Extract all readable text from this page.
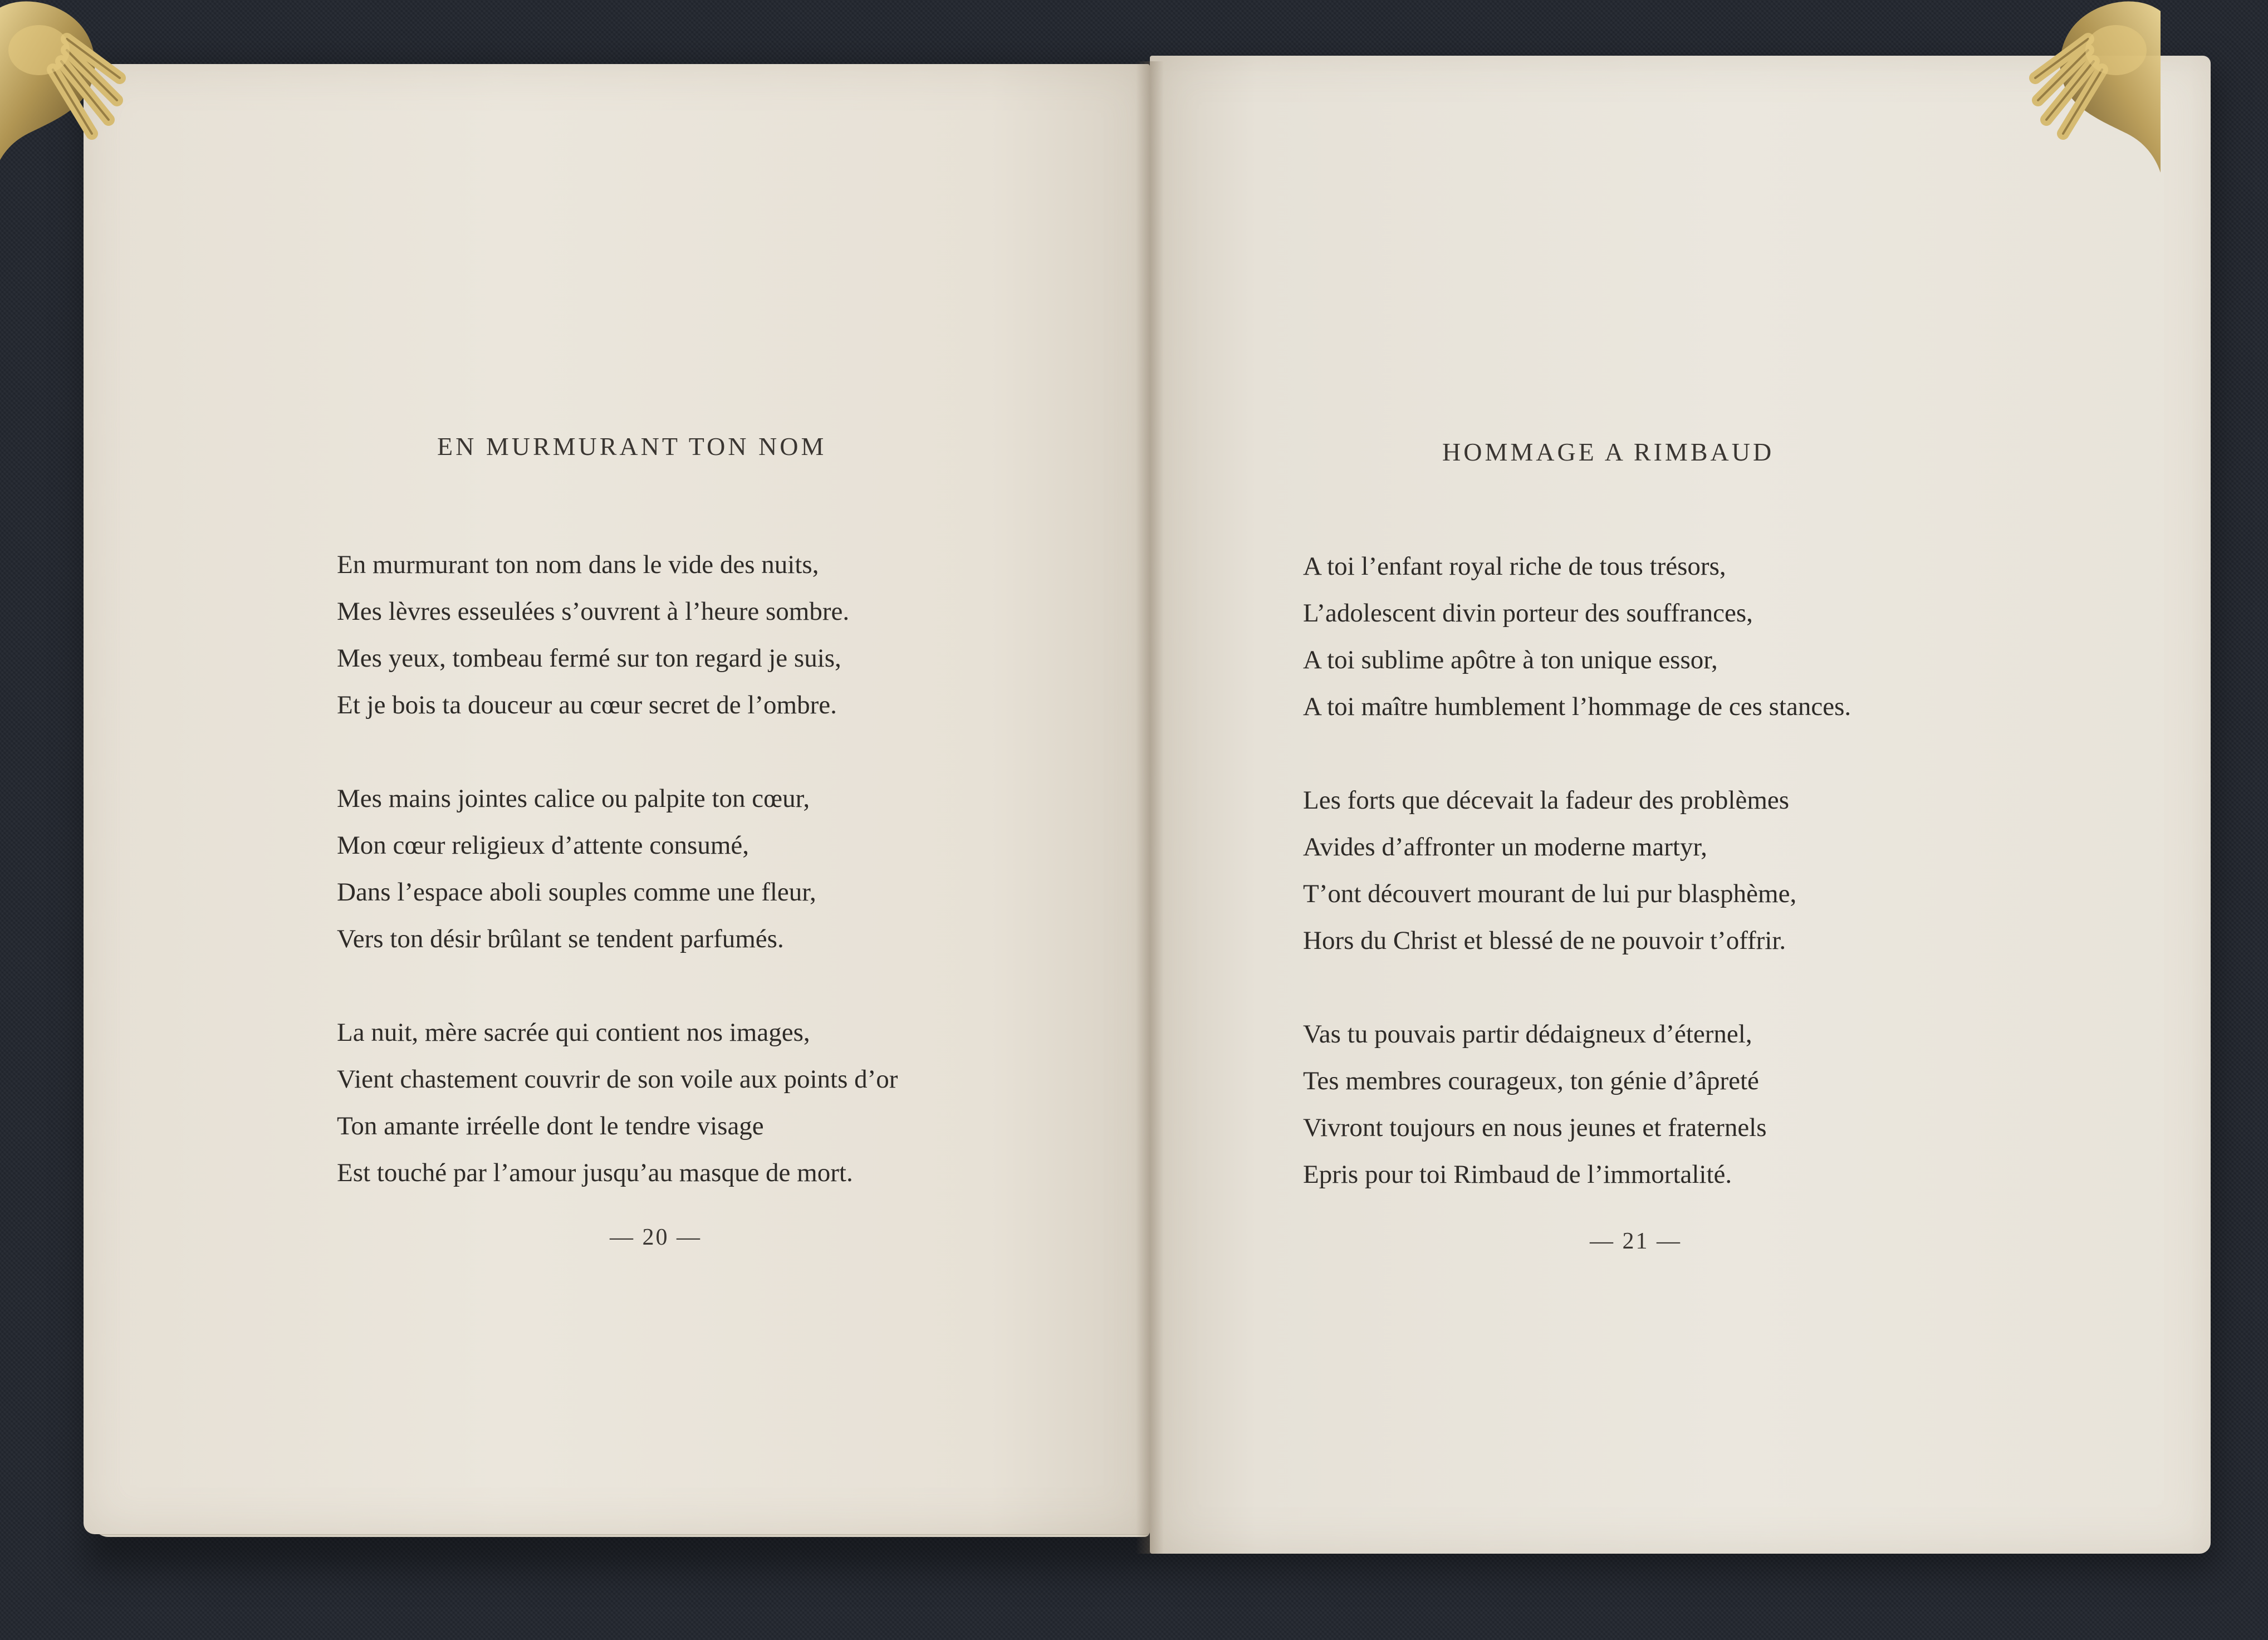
EN MURMURANT TON NOM
En murmurant ton nom dans le vide des nuits,
Mes lèvres esseulées s’ouvrent à l’heure sombre.
Mes yeux, tombeau fermé sur ton regard je suis,
Et je bois ta douceur au cœur secret de l’ombre.
Mes mains jointes calice ou palpite ton cœur,
Mon cœur religieux d’attente consumé,
Dans l’espace aboli souples comme une fleur,
Vers ton désir brûlant se tendent parfumés.
La nuit, mère sacrée qui contient nos images,
Vient chastement couvrir de son voile aux points d’or
Ton amante irréelle dont le tendre visage
Est touché par l’amour jusqu’au masque de mort.
— 20 —
HOMMAGE A RIMBAUD
A toi l’enfant royal riche de tous trésors,
L’adolescent divin porteur des souffrances,
A toi sublime apôtre à ton unique essor,
A toi maître humblement l’hommage de ces stances.
Les forts que décevait la fadeur des problèmes
Avides d’affronter un moderne martyr,
T’ont découvert mourant de lui pur blasphème,
Hors du Christ et blessé de ne pouvoir t’offrir.
Vas tu pouvais partir dédaigneux d’éternel,
Tes membres courageux, ton génie d’âpreté
Vivront toujours en nous jeunes et fraternels
Epris pour toi Rimbaud de l’immortalité.
— 21 —
